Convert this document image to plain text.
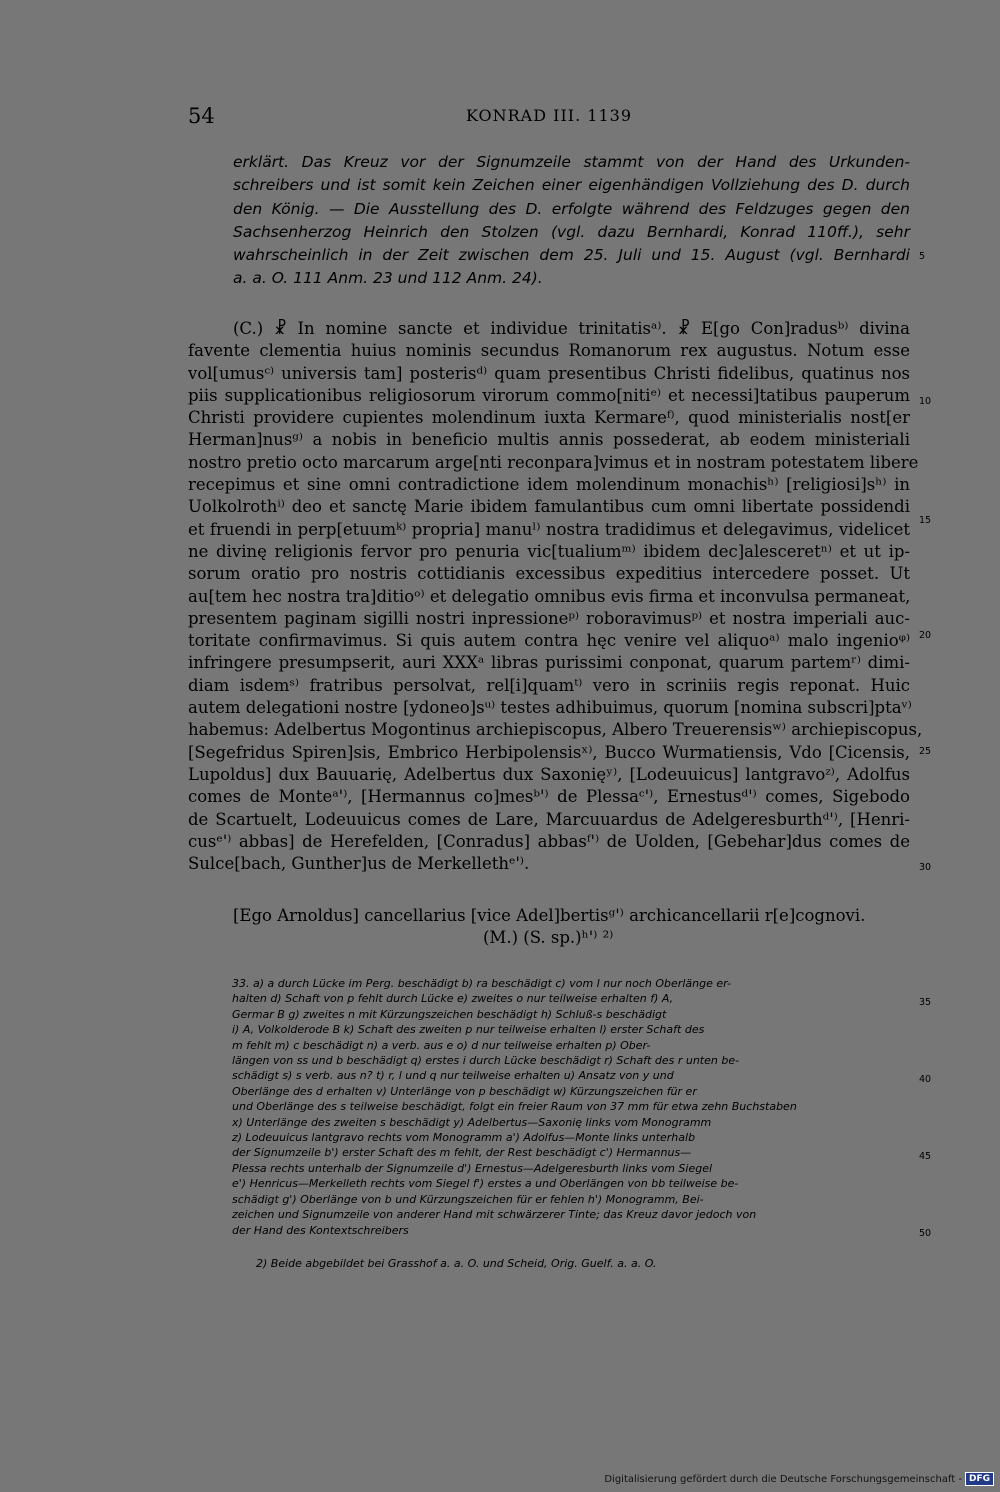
54	KONRAD III. 1139
erklärt. Das Kreuz vor der Signumzeile stammt von der Hand des Urkunden-
schreibers und ist somit kein Zeichen einer eigenhändigen Vollziehung des D. durch
den König. — Die Ausstellung des D. erfolgte während des Feldzuges gegen den
Sachsenherzog Heinrich den Stolzen (vgl. dazu Bernhardi, Konrad 110ff.), sehr
wahrscheinlich in der Zeit zwischen dem 25. Juli und 15. August (vgl. Bernhardi
a. a. O. 111 Anm. 23 und 112 Anm. 24).
(C.) ☧ In nomine sancte et individue trinitatisᵃ⁾. ☧ E[go Con]radusᵇ⁾ divina
favente clementia huius nominis secundus Romanorum rex augustus. Notum esse
vol[umusᶜ⁾ universis tam] posterisᵈ⁾ quam presentibus Christi fidelibus, quatinus nos
piis supplicationibus religiosorum virorum commo[nitiᵉ⁾ et necessi]tatibus pauperum
Christi providere cupientes molendinum iuxta Kermareᶠ⁾, quod ministerialis nost[er
Herman]nusᵍ⁾ a nobis in beneficio multis annis possederat, ab eodem ministeriali
nostro pretio octo marcarum arge[nti reconpara]vimus et in nostram potestatem libere
recepimus et sine omni contradictione idem molendinum monachisʰ⁾ [religiosi]sʰ⁾ in
Uolkolrothⁱ⁾ deo et sanctę Marie ibidem famulantibus cum omni libertate possidendi
et fruendi in perp[etuumᵏ⁾ propria] manuˡ⁾ nostra tradidimus et delegavimus, videlicet
ne divinę religionis fervor pro penuria vic[tualiumᵐ⁾ ibidem dec]alesceretⁿ⁾ et ut ip-
sorum oratio pro nostris cottidianis excessibus expeditius intercedere posset. Ut
au[tem hec nostra tra]ditioᵒ⁾ et delegatio omnibus evis firma et inconvulsa permaneat,
presentem paginam sigilli nostri inpressioneᵖ⁾ roboravimusᵖ⁾ et nostra imperiali auc-
toritate confirmavimus. Si quis autem contra hęc venire vel aliquoᵃ⁾ malo ingenioᵠ⁾
infringere presumpserit, auri XXXᵃ libras purissimi conponat, quarum partemʳ⁾ dimi-
diam isdemˢ⁾ fratribus persolvat, rel[i]quamᵗ⁾ vero in scriniis regis reponat. Huic
autem delegationi nostre [ydoneo]sᵘ⁾ testes adhibuimus, quorum [nomina subscri]ptaᵛ⁾
habemus: Adelbertus Mogontinus archiepiscopus, Albero Treuerensisʷ⁾ archiepiscopus,
[Segefridus Spiren]sis, Embrico Herbipolensisˣ⁾, Bucco Wurmatiensis, Vdo [Cicensis,
Lupoldus] dux Bauuarię, Adelbertus dux Saxonięʸ⁾, [Lodeuuicus] lantgravoᶻ⁾, Adolfus
comes de Monteᵃ'⁾, [Hermannus co]mesᵇ'⁾ de Plessaᶜ'⁾, Ernestusᵈ'⁾ comes, Sigebodo
de Scartuelt, Lodeuuicus comes de Lare, Marcuuardus de Adelgeresburthᵈ'⁾, [Henri-
cusᵉ'⁾ abbas] de Herefelden, [Conradus] abbasᶠ'⁾ de Uolden, [Gebehar]dus comes de
Sulce[bach, Gunther]us de Merkellethᵉ'⁾.
[Ego Arnoldus] cancellarius [vice Adel]bertisᵍ'⁾ archicancellarii r[e]cognovi.
(M.) (S. sp.)ʰ'⁾ ²⁾
33. a) a durch Lücke im Perg. beschädigt b) ra beschädigt c) vom l nur noch Oberlänge er-
halten d) Schaft von p fehlt durch Lücke e) zweites o nur teilweise erhalten f) A,
Germar B g) zweites n mit Kürzungszeichen beschädigt h) Schluß-s beschädigt
i) A, Volkolderode B k) Schaft des zweiten p nur teilweise erhalten l) erster Schaft des
m fehlt m) c beschädigt n) a verb. aus e o) d nur teilweise erhalten p) Ober-
längen von ss und b beschädigt q) erstes i durch Lücke beschädigt r) Schaft des r unten be-
schädigt s) s verb. aus n? t) r, l und q nur teilweise erhalten u) Ansatz von y und
Oberlänge des d erhalten v) Unterlänge von p beschädigt w) Kürzungszeichen für er
und Oberlänge des s teilweise beschädigt, folgt ein freier Raum von 37 mm für etwa zehn Buchstaben
x) Unterlänge des zweiten s beschädigt y) Adelbertus—Saxonię links vom Monogramm
z) Lodeuuicus lantgravo rechts vom Monogramm a') Adolfus—Monte links unterhalb
der Signumzeile b') erster Schaft des m fehlt, der Rest beschädigt c') Hermannus—
Plessa rechts unterhalb der Signumzeile d') Ernestus—Adelgeresburth links vom Siegel
e') Henricus—Merkelleth rechts vom Siegel f') erstes a und Oberlängen von bb teilweise be-
schädigt g') Oberlänge von b und Kürzungszeichen für er fehlen h') Monogramm, Bei-
zeichen und Signumzeile von anderer Hand mit schwärzerer Tinte; das Kreuz davor jedoch von
der Hand des Kontextschreibers
2) Beide abgebildet bei Grasshof a. a. O. und Scheid, Orig. Guelf. a. a. O.
5
10
15
20
25
30
35
40
45
50
Digitalisierung gefördert durch die Deutsche Forschungsgemeinschaft - DFG
